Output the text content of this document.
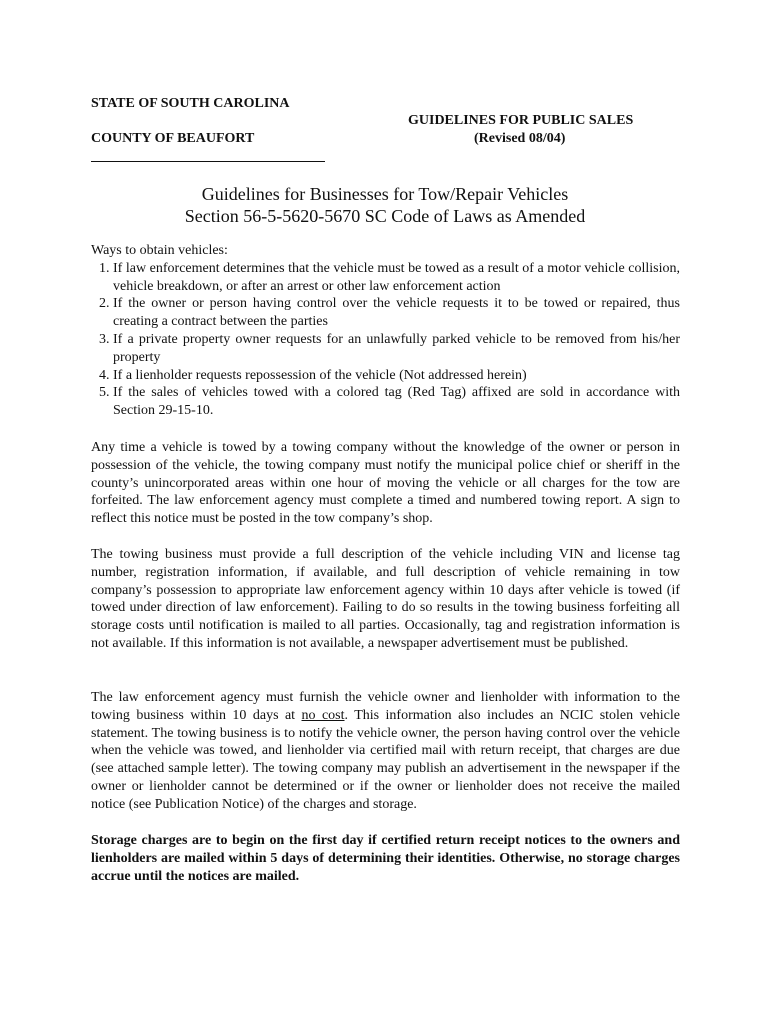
STATE OF SOUTH CAROLINA
COUNTY OF BEAUFORT
GUIDELINES FOR PUBLIC SALES
(Revised 08/04)
Guidelines for Businesses for Tow/Repair Vehicles
Section 56-5-5620-5670 SC Code of Laws as Amended

Ways to obtain vehicles:

1. If law enforcement determines that the vehicle must be towed as a result of a motor vehicle collision, vehicle breakdown, or after an arrest or other law enforcement action
2. If the owner or person having control over the vehicle requests it to be towed or repaired, thus creating a contract between the parties
3. If a private property owner requests for an unlawfully parked vehicle to be removed from his/her property
4. If a lienholder requests repossession of the vehicle (Not addressed herein)
5. If the sales of vehicles towed with a colored tag (Red Tag) affixed are sold in accordance with Section 29-15-10.

Any time a vehicle is towed by a towing company without the knowledge of the owner or person in possession of the vehicle, the towing company must notify the municipal police chief or sheriff in the county’s unincorporated areas within one hour of moving the vehicle or all charges for the tow are forfeited. The law enforcement agency must complete a timed and numbered towing report. A sign to reflect this notice must be posted in the tow company’s shop.

The towing business must provide a full description of the vehicle including VIN and license tag number, registration information, if available, and full description of vehicle remaining in tow company’s possession to appropriate law enforcement agency within 10 days after vehicle is towed (if towed under direction of law enforcement). Failing to do so results in the towing business forfeiting all storage costs until notification is mailed to all parties. Occasionally, tag and registration information is not available. If this information is not available, a newspaper advertisement must be published.

The law enforcement agency must furnish the vehicle owner and lienholder with information to the towing business within 10 days at no cost. This information also includes an NCIC stolen vehicle statement. The towing business is to notify the vehicle owner, the person having control over the vehicle when the vehicle was towed, and lienholder via certified mail with return receipt, that charges are due (see attached sample letter). The towing company may publish an advertisement in the newspaper if the owner or lienholder cannot be determined or if the owner or lienholder does not receive the mailed notice (see Publication Notice) of the charges and storage.

Storage charges are to begin on the first day if certified return receipt notices to the owners and lienholders are mailed within 5 days of determining their identities. Otherwise, no storage charges accrue until the notices are mailed.
